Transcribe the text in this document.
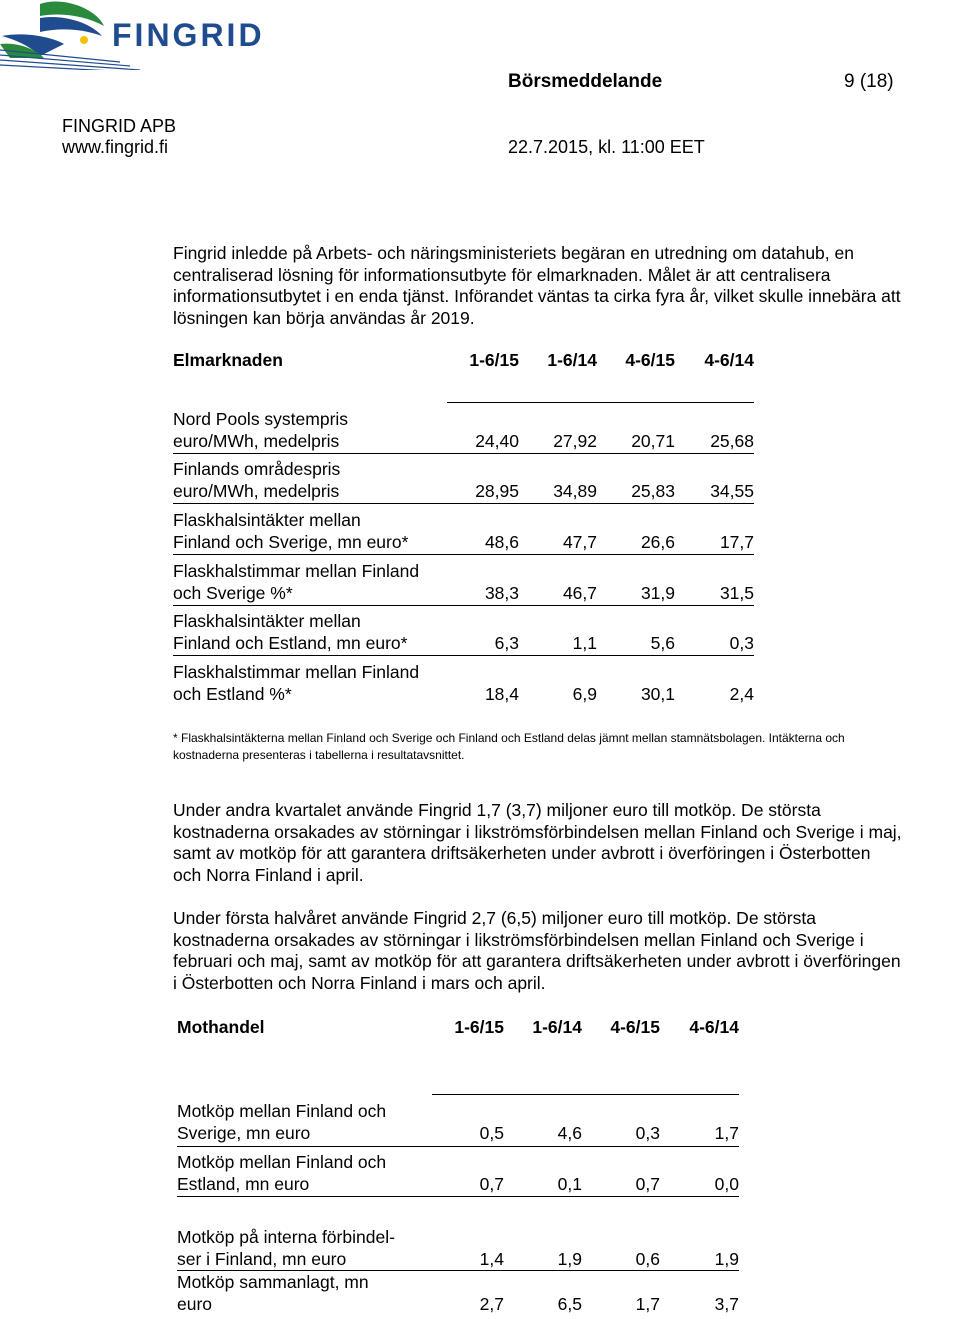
FINGRID
Börsmeddelande	9 (18)
FINGRID APB
www.fingrid.fi	22.7.2015, kl. 11:00 EET
Fingrid inledde på Arbets- och näringsministeriets begäran en utredning om datahub, en
centraliserad lösning för informationsutbyte för elmarknaden. Målet är att centralisera
informationsutbytet i en enda tjänst. Införandet väntas ta cirka fyra år, vilket skulle innebära att
lösningen kan börja användas år 2019.
Elmarknaden	1-6/15	1-6/14	4-6/15	4-6/14
Nord Pools systempris
euro/MWh, medelpris	24,40	27,92	20,71	25,68
Finlands områdespris
euro/MWh, medelpris	28,95	34,89	25,83	34,55
Flaskhalsintäkter mellan
Finland och Sverige, mn euro*	48,6	47,7	26,6	17,7
Flaskhalstimmar mellan Finland
och Sverige %*	38,3	46,7	31,9	31,5
Flaskhalsintäkter mellan
Finland och Estland, mn euro*	6,3	1,1	5,6	0,3
Flaskhalstimmar mellan Finland
och Estland %*	18,4	6,9	30,1	2,4
* Flaskhalsintäkterna mellan Finland och Sverige och Finland och Estland delas jämnt mellan stamnätsbolagen. Intäkterna och
kostnaderna presenteras i tabellerna i resultatavsnittet.
Under andra kvartalet använde Fingrid 1,7 (3,7) miljoner euro till motköp. De största
kostnaderna orsakades av störningar i likströmsförbindelsen mellan Finland och Sverige i maj,
samt av motköp för att garantera driftsäkerheten under avbrott i överföringen i Österbotten
och Norra Finland i april.
Under första halvåret använde Fingrid 2,7 (6,5) miljoner euro till motköp. De största
kostnaderna orsakades av störningar i likströmsförbindelsen mellan Finland och Sverige i
februari och maj, samt av motköp för att garantera driftsäkerheten under avbrott i överföringen
i Österbotten och Norra Finland i mars och april.
Mothandel	1-6/15	1-6/14	4-6/15	4-6/14
Motköp mellan Finland och
Sverige, mn euro	0,5	4,6	0,3	1,7
Motköp mellan Finland och
Estland, mn euro	0,7	0,1	0,7	0,0
Motköp på interna förbindel-
ser i Finland, mn euro	1,4	1,9	0,6	1,9
Motköp sammanlagt, mn
euro	2,7	6,5	1,7	3,7
